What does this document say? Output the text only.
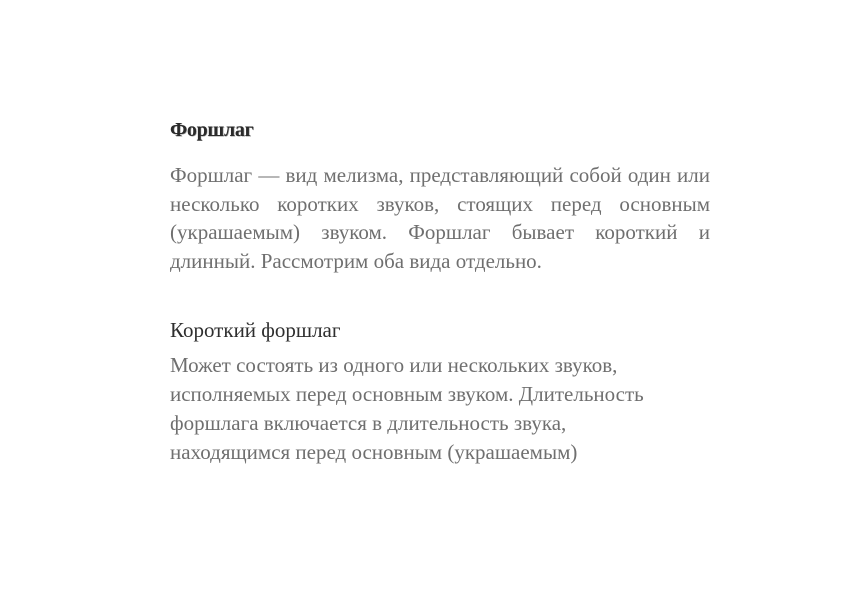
Форшлаг

Форшлаг — вид мелизма, представляющий собой один или несколько коротких звуков, стоящих перед основным (украшаемым) звуком. Форшлаг бывает короткий и длинный. Рассмотрим оба вида отдельно.

Короткий форшлаг

Может состоять из одного или нескольких звуков,
исполняемых перед основным звуком. Длительность
форшлага включается в длительность звука,
находящимся перед основным (украшаемым)
